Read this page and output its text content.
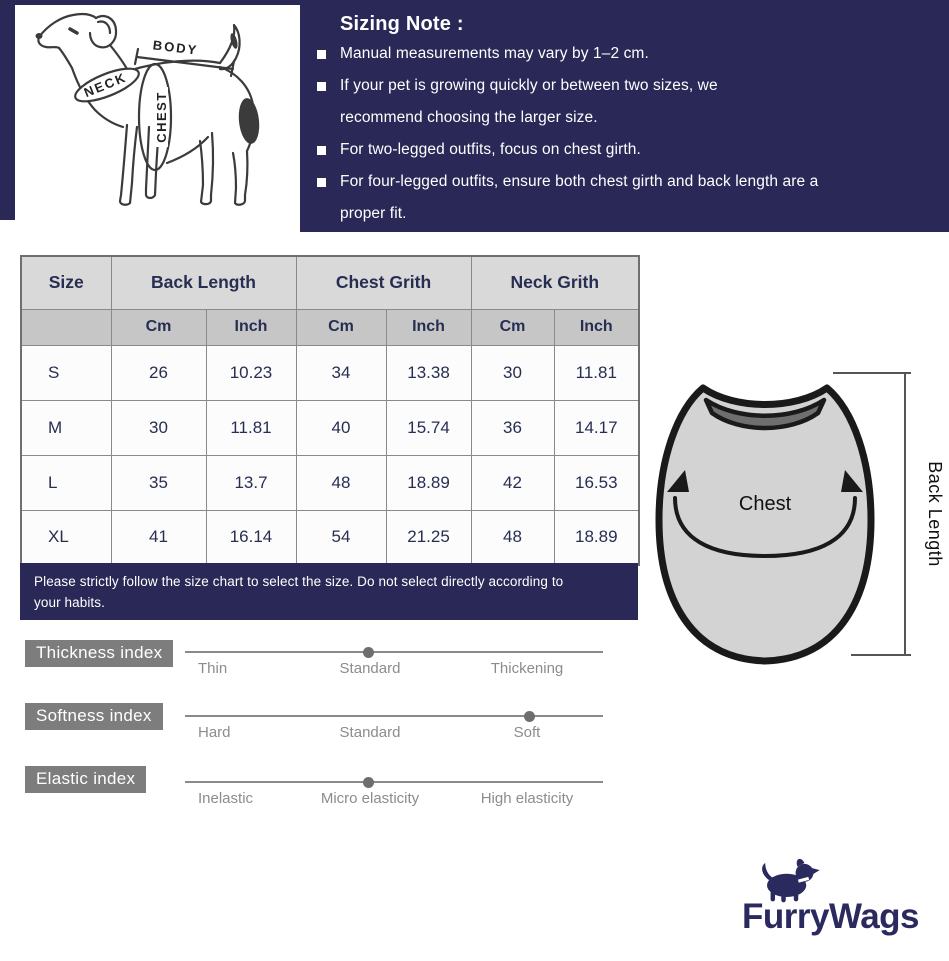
CHEST
NECK
BODY
Sizing Note :
Manual measurements may vary by 1–2 cm.
If your pet is growing quickly or between two sizes, we
recommend choosing the larger size.
For two-legged outfits, focus on chest girth.
For four-legged outfits, ensure both chest girth and back length are a
proper fit.
Size	Back Length		Chest Grith		Neck Grith	
	Cm	Inch	Cm	Inch	Cm	Inch
S	26	10.23	34	13.38	30	11.81
M	30	11.81	40	15.74	36	14.17
L	35	13.7	48	18.89	42	16.53
XL	41	16.14	54	21.25	48	18.89
Please strictly follow the size chart to select the size. Do not select directly according to
your habits.
Thickness index
Thin	Standard	Thickening
Softness index
Hard	Standard	Soft
Elastic index
Inelastic	Micro elasticity	High elasticity
Chest	Back Length
FurryWags
